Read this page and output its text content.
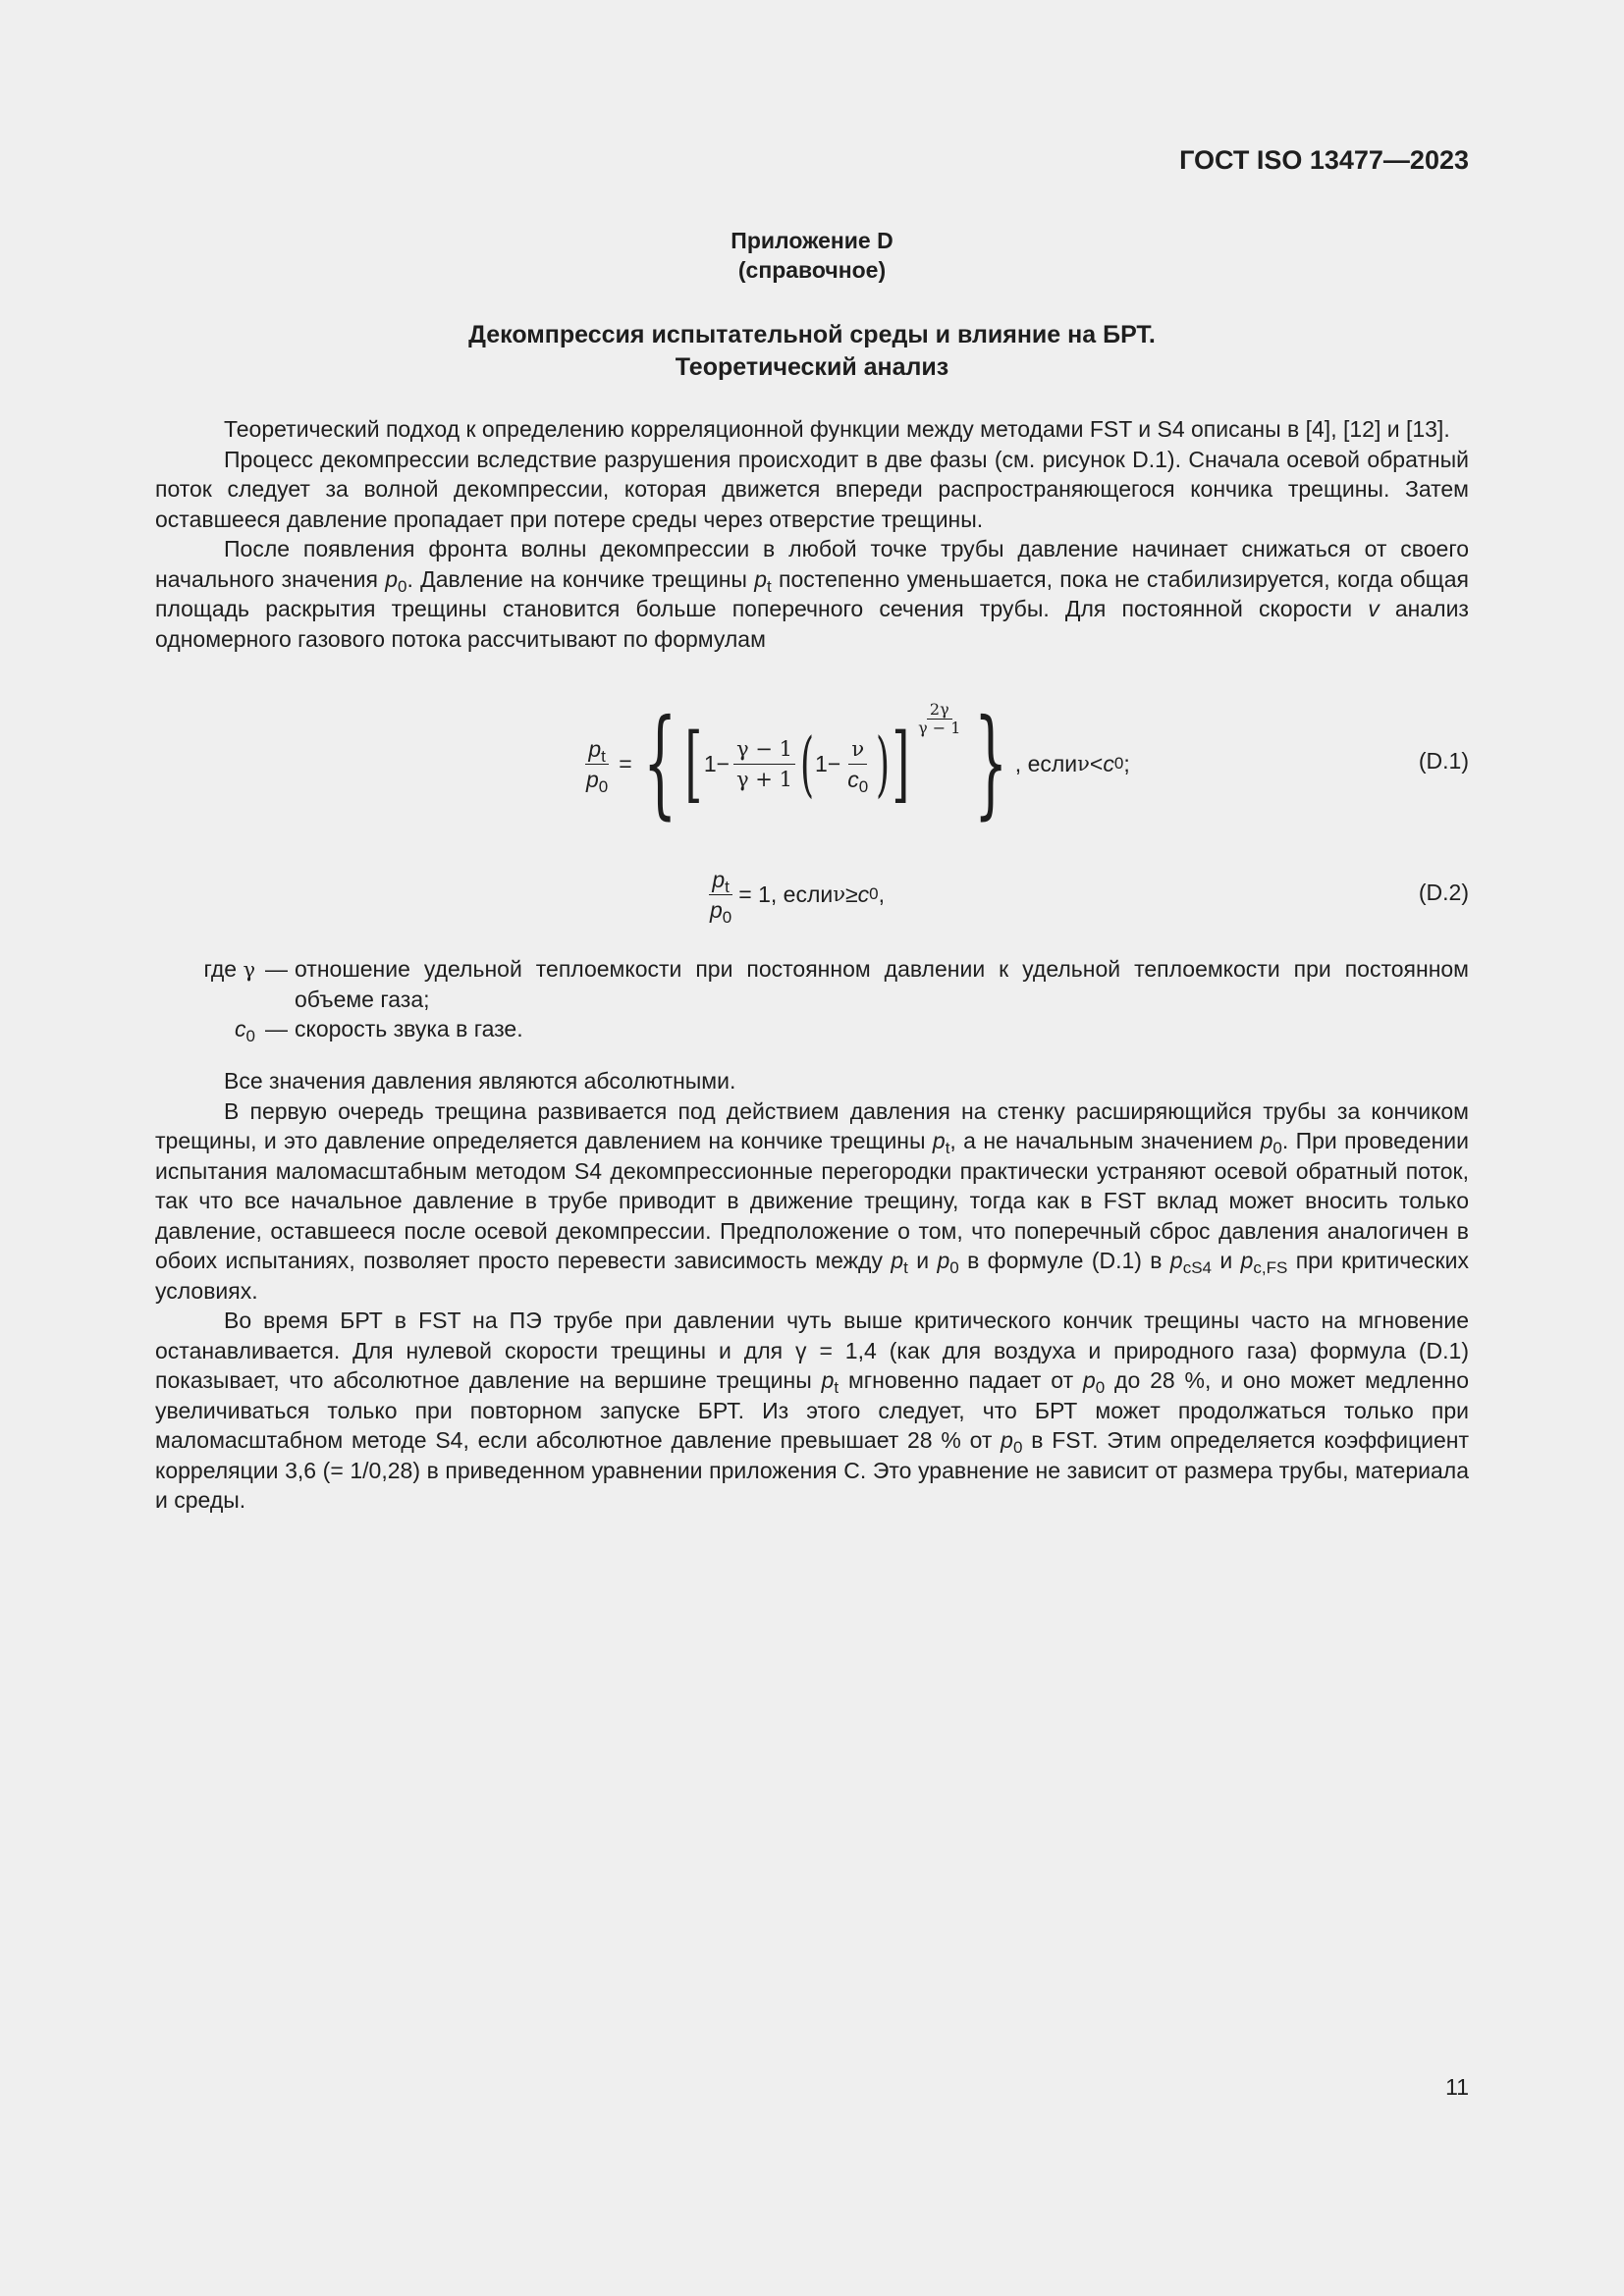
ГОСТ ISO 13477—2023
Приложение D
(справочное)
Декомпрессия испытательной среды и влияние на БРТ.
Теоретический анализ

Теоретический подход к определению корреляционной функции между методами FST и S4 описаны в [4], [12] и [13].

Процесс декомпрессии вследствие разрушения происходит в две фазы (см. рисунок D.1). Сначала осевой обратный поток следует за волной декомпрессии, которая движется впереди распространяющегося кончика трещины. Затем оставшееся давление пропадает при потере среды через отверстие трещины.

После появления фронта волны декомпрессии в любой точке трубы давление начинает снижаться от своего начального значения $p_0$. Давление на кончике трещины $p_t$ постепенно уменьшается, пока не стабилизируется, когда общая площадь раскрытия трещины становится больше поперечного сечения трубы. Для постоянной скорости v анализ одномерного газового потока рассчитывают по формулам

$\frac{p_t}{p_0}$ = { [ $1 - \frac{\gamma - 1}{\gamma + 1}$ ( $1 - \frac{\nu}{c_0}$ ) ] $\frac{2\gamma}{\gamma - 1}$ } , если ν < c 0 ;	(D.1)
$\frac{p_t}{p_0} = 1$, если ν ≥ c 0 ,	(D.2)
где γ — отношение удельной теплоемкости при постоянном давлении к удельной теплоемкости при постоянном объеме газа;
$c_0$ — скорость звука в газе.

Все значения давления являются абсолютными.

В первую очередь трещина развивается под действием давления на стенку расширяющийся трубы за кончиком трещины, и это давление определяется давлением на кончике трещины $p_t$, а не начальным значением $p_0$. При проведении испытания маломасштабным методом S4 декомпрессионные перегородки практически устраняют осевой обратный поток, так что все начальное давление в трубе приводит в движение трещину, тогда как в FST вклад может вносить только давление, оставшееся после осевой декомпрессии. Предположение о том, что поперечный сброс давления аналогичен в обоих испытаниях, позволяет просто перевести зависимость между $p_t$ и $p_0$ в формуле (D.1) в $p_{cS4}$ и $p_{c,FS}$ при критических условиях.

Во время БРТ в FST на ПЭ трубе при давлении чуть выше критического кончик трещины часто на мгновение останавливается. Для нулевой скорости трещины и для γ = 1,4 (как для воздуха и природного газа) формула (D.1) показывает, что абсолютное давление на вершине трещины $p_t$ мгновенно падает от $p_0$ до 28 %, и оно может медленно увеличиваться только при повторном запуске БРТ. Из этого следует, что БРТ может продолжаться только при маломасштабном методе S4, если абсолютное давление превышает 28 % от $p_0$ в FST. Этим определяется коэффициент корреляции 3,6 (= 1/0,28) в приведенном уравнении приложения C. Это уравнение не зависит от размера трубы, материала и среды.

11
